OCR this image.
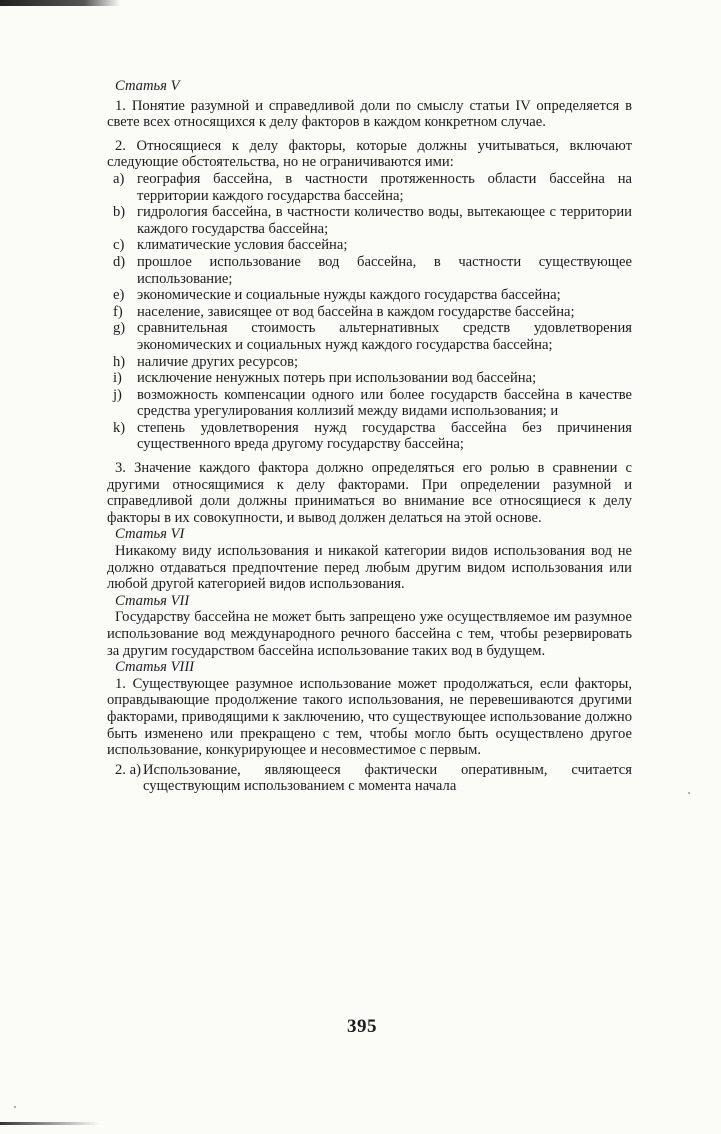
Статья V

1. Понятие разумной и справедливой доли по смыслу статьи IV определяется в свете всех относящихся к делу факторов в каждом конкретном случае.

2. Относящиеся к делу факторы, которые должны учитываться, включают следующие обстоятельства, но не ограничиваются ими:

a) география бассейна, в частности протяженность области бассейна на территории каждого государства бассейна;
b) гидрология бассейна, в частности количество воды, вытекающее с территории каждого государства бассейна;
c) климатические условия бассейна;
d) прошлое использование вод бассейна, в частности существующее использование;
e) экономические и социальные нужды каждого государства бассейна;
f) население, зависящее от вод бассейна в каждом государстве бассейна;
g) сравнительная стоимость альтернативных средств удовлетворения экономических и социальных нужд каждого государства бассейна;
h) наличие других ресурсов;
i) исключение ненужных потерь при использовании вод бассейна;
j) возможность компенсации одного или более государств бассейна в качестве средства урегулирования коллизий между видами использования; и
k) степень удовлетворения нужд государства бассейна без причинения существенного вреда другому государству бассейна;

3. Значение каждого фактора должно определяться его ролью в сравнении с другими относящимися к делу факторами. При определении разумной и справедливой доли должны приниматься во внимание все относящиеся к делу факторы в их совокупности, и вывод должен делаться на этой основе.

Статья VI

Никакому виду использования и никакой категории видов использования вод не должно отдаваться предпочтение перед любым другим видом использования или любой другой категорией видов использования.

Статья VII

Государству бассейна не может быть запрещено уже осуществляемое им разумное использование вод международного речного бассейна с тем, чтобы резервировать за другим государством бассейна использование таких вод в будущем.

Статья VIII

1. Существующее разумное использование может продолжаться, если факторы, оправдывающие продолжение такого использования, не перевешиваются другими факторами, приводящими к заключению, что существующее использование должно быть изменено или прекращено с тем, чтобы могло быть осуществлено другое использование, конкурирующее и несовместимое с первым.

2. а) Использование, являющееся фактически оперативным, считается существующим использованием с момента начала
395
